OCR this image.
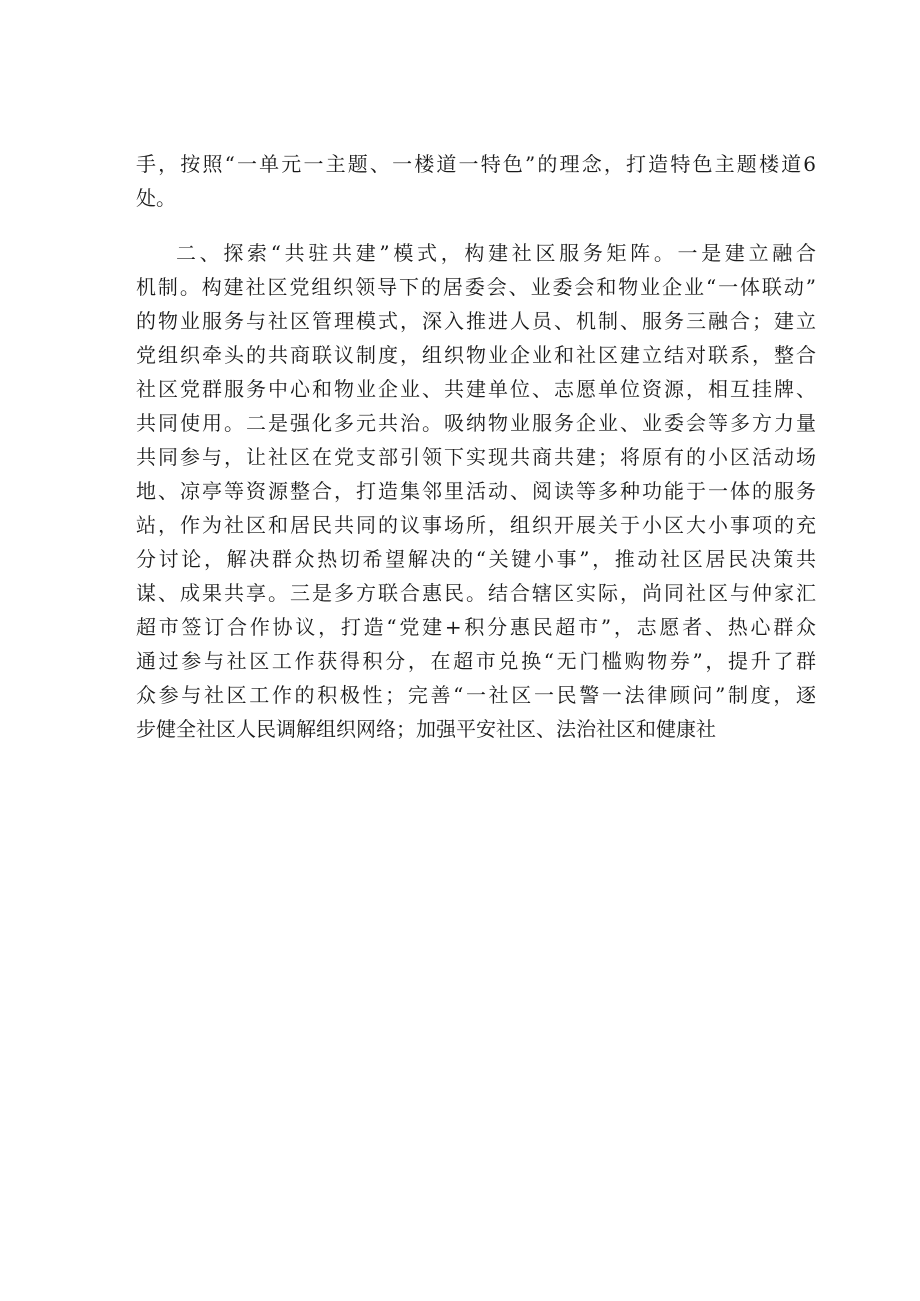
手，按照“一单元一主题、一楼道一特色”的理念，打造特色主题楼道6
处。

二、探索“共驻共建”模式，构建社区服务矩阵。一是建立融合
机制。构建社区党组织领导下的居委会、业委会和物业企业“一体联动”
的物业服务与社区管理模式，深入推进人员、机制、服务三融合；建立
党组织牵头的共商联议制度，组织物业企业和社区建立结对联系，整合
社区党群服务中心和物业企业、共建单位、志愿单位资源，相互挂牌、
共同使用。二是强化多元共治。吸纳物业服务企业、业委会等多方力量
共同参与，让社区在党支部引领下实现共商共建；将原有的小区活动场
地、凉亭等资源整合，打造集邻里活动、阅读等多种功能于一体的服务
站，作为社区和居民共同的议事场所，组织开展关于小区大小事项的充
分讨论，解决群众热切希望解决的“关键小事”，推动社区居民决策共
谋、成果共享。三是多方联合惠民。结合辖区实际，尚同社区与仲家汇
超市签订合作协议，打造“党建+积分惠民超市”，志愿者、热心群众
通过参与社区工作获得积分，在超市兑换“无门槛购物券”，提升了群
众参与社区工作的积极性；完善“一社区一民警一法律顾问”制度，逐
步健全社区人民调解组织网络；加强平安社区、法治社区和健康社
